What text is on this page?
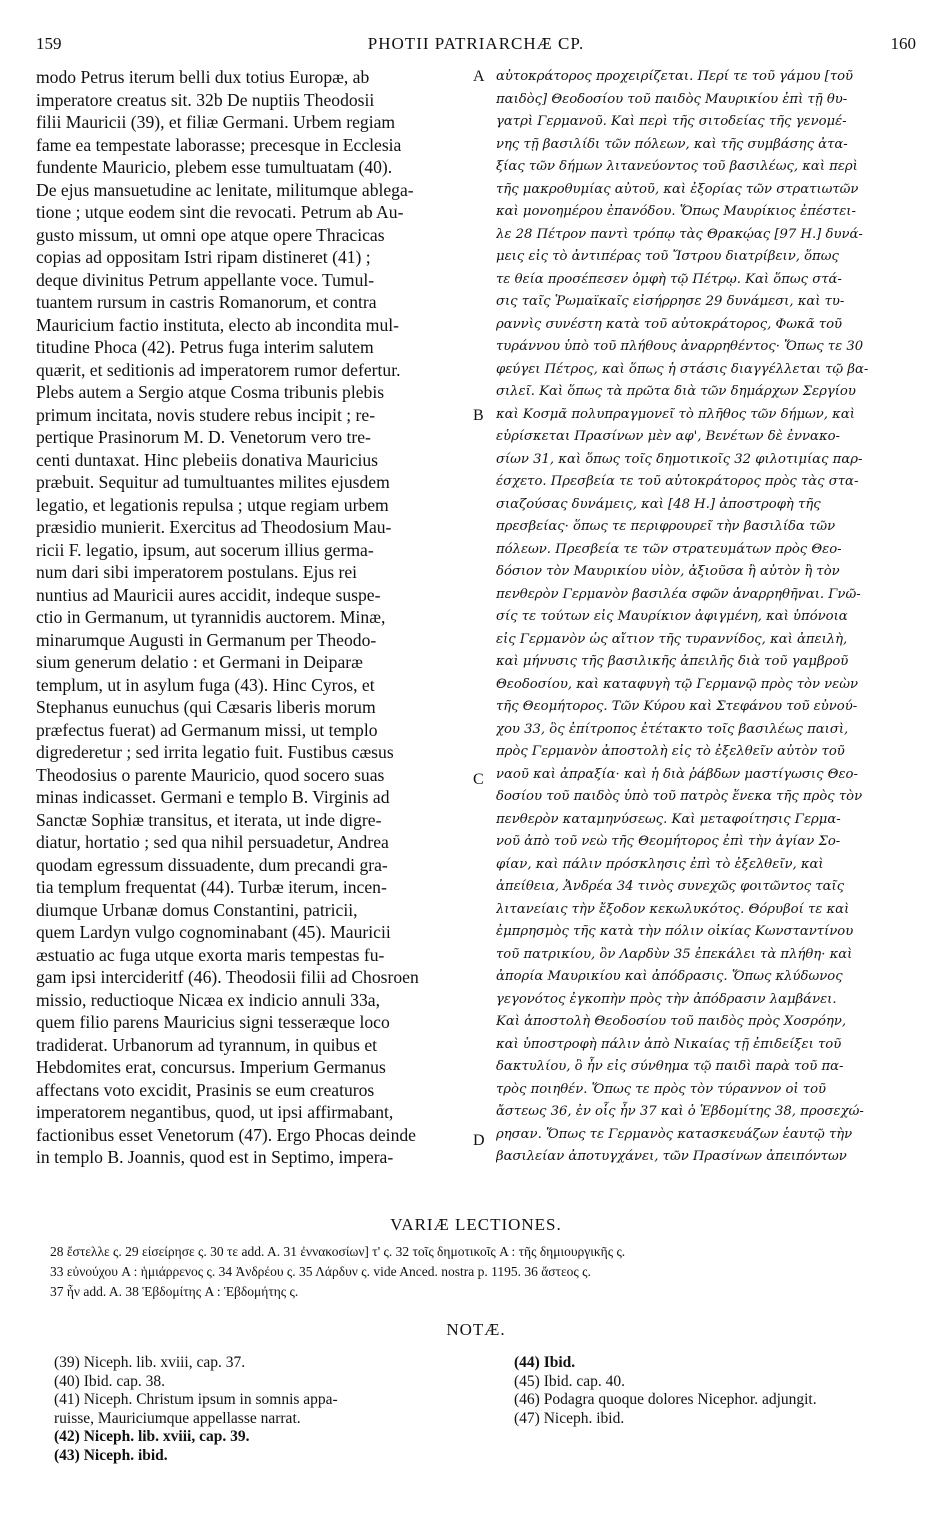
159	PHOTII PATRIARCHÆ CP.	160
modo Petrus iterum belli dux totius Europæ, ab
imperatore creatus sit. 32b De nuptiis Theodosii
filii Mauricii (39), et filiæ Germani. Urbem regiam
fame ea tempestate laborasse; precesque in Ecclesia
fundente Mauricio, plebem esse tumultuatam (40).
De ejus mansuetudine ac lenitate, militumque ablega-
tione ; utque eodem sint die revocati. Petrum ab Au-
gusto missum, ut omni ope atque opere Thracicas
copias ad oppositam Istri ripam distineret (41) ;
deque divinitus Petrum appellante voce. Tumul-
tuantem rursum in castris Romanorum, et contra
Mauricium factio instituta, electo ab incondita mul-
titudine Phoca (42). Petrus fuga interim salutem
quærit, et seditionis ad imperatorem rumor defertur.
Plebs autem a Sergio atque Cosma tribunis plebis
primum incitata, novis studere rebus incipit ; re-
pertique Prasinorum M. D. Venetorum vero tre-
centi duntaxat. Hinc plebeiis donativa Mauricius
præbuit. Sequitur ad tumultuantes milites ejusdem
legatio, et legationis repulsa ; utque regiam urbem
præsidio munierit. Exercitus ad Theodosium Mau-
ricii F. legatio, ipsum, aut socerum illius germa-
num dari sibi imperatorem postulans. Ejus rei
nuntius ad Mauricii aures accidit, indeque suspe-
ctio in Germanum, ut tyrannidis auctorem. Minæ,
minarumque Augusti in Germanum per Theodo-
sium generum delatio : et Germani in Deiparæ
templum, ut in asylum fuga (43). Hinc Cyros, et
Stephanus eunuchus (qui Cæsaris liberis morum
præfectus fuerat) ad Germanum missi, ut templo
digrederetur ; sed irrita legatio fuit. Fustibus cæsus
Theodosius o parente Mauricio, quod socero suas
minas indicasset. Germani e templo B. Virginis ad
Sanctæ Sophiæ transitus, et iterata, ut inde digre-
diatur, hortatio ; sed qua nihil persuadetur, Andrea
quodam egressum dissuadente, dum precandi gra-
tia templum frequentat (44). Turbæ iterum, incen-
diumque Urbanæ domus Constantini, patricii,
quem Lardyn vulgo cognominabant (45). Mauricii
æstuatio ac fuga utque exorta maris tempestas fu-
gam ipsi intercideritf (46). Theodosii filii ad Chosroen
missio, reductioque Nicæa ex indicio annuli 33a,
quem filio parens Mauricius signi tesseræque loco
tradiderat. Urbanorum ad tyrannum, in quibus et
Hebdomites erat, concursus. Imperium Germanus
affectans voto excidit, Prasinis se eum creaturos
imperatorem negantibus, quod, ut ipsi affirmabant,
factionibus esset Venetorum (47). Ergo Phocas deinde
in templo B. Joannis, quod est in Septimo, impera-
αὐτοκράτορος προχειρίζεται. Περί τε τοῦ γάμου [τοῦ
παιδὸς] Θεοδοσίου τοῦ παιδὸς Μαυρικίου ἐπὶ τῇ θυ-
γατρὶ Γερμανοῦ. Καὶ περὶ τῆς σιτοδείας τῆς γενομέ-
νης τῇ βασιλίδι τῶν πόλεων, καὶ τῆς συμβάσης ἀτα-
ξίας τῶν δήμων λιτανεύοντος τοῦ βασιλέως, καὶ περὶ
τῆς μακροθυμίας αὐτοῦ, καὶ ἐξορίας τῶν στρατιωτῶν
καὶ μονοημέρου ἐπανόδου. Ὅπως Μαυρίκιος ἐπέστει-
λε 28 Πέτρον παντὶ τρόπῳ τὰς Θρακῴας [97 Η.] δυνά-
μεις εἰς τὸ ἀντιπέρας τοῦ Ἴστρου διατρίβειν, ὅπως
τε θεία προσέπεσεν ὀμφὴ τῷ Πέτρῳ. Καὶ ὅπως στά-
σις ταῖς Ῥωμαϊκαῖς εἰσήρρησε 29 δυνάμεσι, καὶ τυ-
ραννὶς συνέστη κατὰ τοῦ αὐτοκράτορος, Φωκᾶ τοῦ
τυράννου ὑπὸ τοῦ πλήθους ἀναρρηθέντος· Ὅπως τε 30
φεύγει Πέτρος, καὶ ὅπως ἡ στάσις διαγγέλλεται τῷ βα-
σιλεῖ. Καὶ ὅπως τὰ πρῶτα διὰ τῶν δημάρχων Σεργίου
καὶ Κοσμᾶ πολυπραγμονεῖ τὸ πλῆθος τῶν δήμων, καὶ
εὑρίσκεται Πρασίνων μὲν αφ', Βενέτων δὲ ἐννακο-
σίων 31, καὶ ὅπως τοῖς δημοτικοῖς 32 φιλοτιμίας παρ-
έσχετο. Πρεσβεία τε τοῦ αὐτοκράτορος πρὸς τὰς στα-
σιαζούσας δυνάμεις, καὶ [48 Η.] ἀποστροφὴ τῆς
πρεσβείας· ὅπως τε περιφρουρεῖ τὴν βασιλίδα τῶν
πόλεων. Πρεσβεία τε τῶν στρατευμάτων πρὸς Θεο-
δόσιον τὸν Μαυρικίου υἱὸν, ἀξιοῦσα ἢ αὐτὸν ἢ τὸν
πενθερὸν Γερμανὸν βασιλέα σφῶν ἀναρρηθῆναι. Γνῶ-
σίς τε τούτων εἰς Μαυρίκιον ἀφιγμένη, καὶ ὑπόνοια
εἰς Γερμανὸν ὡς αἴτιον τῆς τυραννίδος, καὶ ἀπειλὴ,
καὶ μήνυσις τῆς βασιλικῆς ἀπειλῆς διὰ τοῦ γαμβροῦ
Θεοδοσίου, καὶ καταφυγὴ τῷ Γερμανῷ πρὸς τὸν νεὼν
τῆς Θεομήτορος. Τῶν Κύρου καὶ Στεφάνου τοῦ εὐνού-
χου 33, ὃς ἐπίτροπος ἐτέτακτο τοῖς βασιλέως παισὶ,
πρὸς Γερμανὸν ἀποστολὴ εἰς τὸ ἐξελθεῖν αὐτὸν τοῦ
ναοῦ καὶ ἀπραξία· καὶ ἡ διὰ ῥάβδων μαστίγωσις Θεο-
δοσίου τοῦ παιδὸς ὑπὸ τοῦ πατρὸς ἕνεκα τῆς πρὸς τὸν
πενθερὸν καταμηνύσεως. Καὶ μεταφοίτησις Γερμα-
νοῦ ἀπὸ τοῦ νεὼ τῆς Θεομήτορος ἐπὶ τὴν ἁγίαν Σο-
φίαν, καὶ πάλιν πρόσκλησις ἐπὶ τὸ ἐξελθεῖν, καὶ
ἀπείθεια, Ἀνδρέα 34 τινὸς συνεχῶς φοιτῶντος ταῖς
λιτανείαις τὴν ἔξοδον κεκωλυκότος. Θόρυβοί τε καὶ
ἐμπρησμὸς τῆς κατὰ τὴν πόλιν οἰκίας Κωνσταντίνου
τοῦ πατρικίου, ὃν Λαρδὺν 35 ἐπεκάλει τὰ πλήθη· καὶ
ἀπορία Μαυρικίου καὶ ἀπόδρασις. Ὅπως κλύδωνος
γεγονότος ἐγκοπὴν πρὸς τὴν ἀπόδρασιν λαμβάνει.
Καὶ ἀποστολὴ Θεοδοσίου τοῦ παιδὸς πρὸς Χοσρόην,
καὶ ὑποστροφὴ πάλιν ἀπὸ Νικαίας τῇ ἐπιδείξει τοῦ
δακτυλίου, ὃ ἦν εἰς σύνθημα τῷ παιδὶ παρὰ τοῦ πα-
τρὸς ποιηθέν. Ὅπως τε πρὸς τὸν τύραννον οἱ τοῦ
ἄστεως 36, ἐν οἷς ἦν 37 καὶ ὁ Ἑβδομίτης 38, προσεχώ-
ρησαν. Ὅπως τε Γερμανὸς κατασκευάζων ἑαυτῷ τὴν
βασιλείαν ἀποτυγχάνει, τῶν Πρασίνων ἀπειπόντων
A
B
C
D
VARIÆ LECTIONES.
28 ἔστελλε ς. 29 εἰσείρησε ς. 30 τε add. A. 31 ἐννακοσίων] τ' ς. 32 τοῖς δημοτικοῖς A : τῆς δημιουργικῆς ς.
33 εὐνούχου A : ἡμιάρρενος ς. 34 Ἀνδρέου ς. 35 Λάρδυν ς. vide Anced. nostra p. 1195. 36 ἄστεος ς.
37 ἦν add. A. 38 Ἑβδομίτης A : Ἑβδομήτης ς.
NOTÆ.
(39) Niceph. lib. xviii, cap. 37.
(40) Ibid. cap. 38.
(41) Niceph. Christum ipsum in somnis appa-
ruisse, Mauriciumque appellasse narrat.
(42) Niceph. lib. xviii, cap. 39.
(43) Niceph. ibid.
(44) Ibid.
(45) Ibid. cap. 40.
(46) Podagra quoque dolores Nicephor. adjungit.
(47) Niceph. ibid.
